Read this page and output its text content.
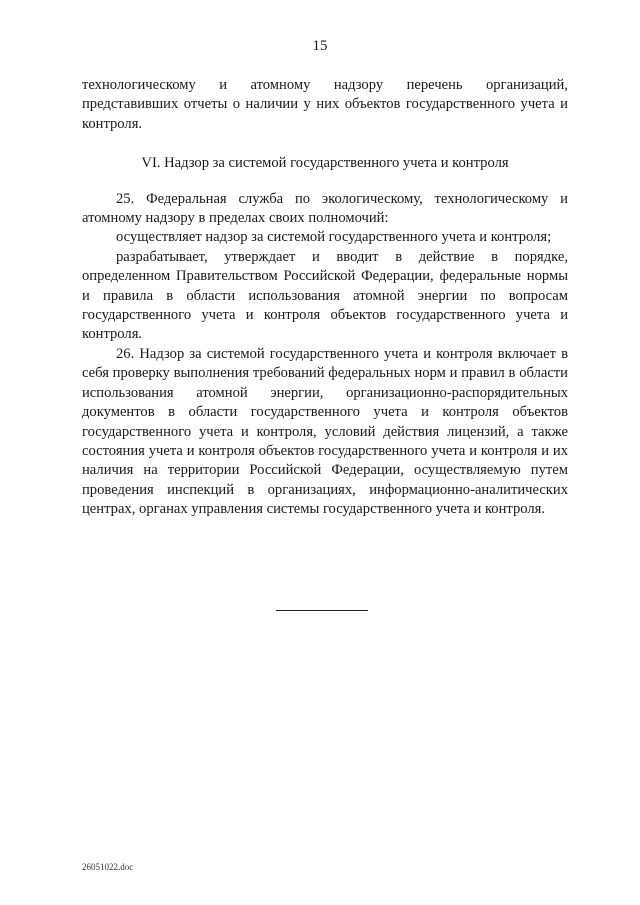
15

технологическому и атомному надзору перечень организаций, представивших отчеты о наличии у них объектов государственного учета и контроля.

VI. Надзор за системой государственного учета и контроля

25. Федеральная служба по экологическому, технологическому и атомному надзору в пределах своих полномочий:

осуществляет надзор за системой государственного учета и контроля;

разрабатывает, утверждает и вводит в действие в порядке, определенном Правительством Российской Федерации, федеральные нормы и правила в области использования атомной энергии по вопросам государственного учета и контроля объектов государственного учета и контроля.

26. Надзор за системой государственного учета и контроля включает в себя проверку выполнения требований федеральных норм и правил в области использования атомной энергии, организационно-распорядительных документов в области государственного учета и контроля объектов государственного учета и контроля, условий действия лицензий, а также состояния учета и контроля объектов государственного учета и контроля и их наличия на территории Российской Федерации, осуществляемую путем проведения инспекций в организациях, информационно-аналитических центрах, органах управления системы государственного учета и контроля.

26051022.doc
